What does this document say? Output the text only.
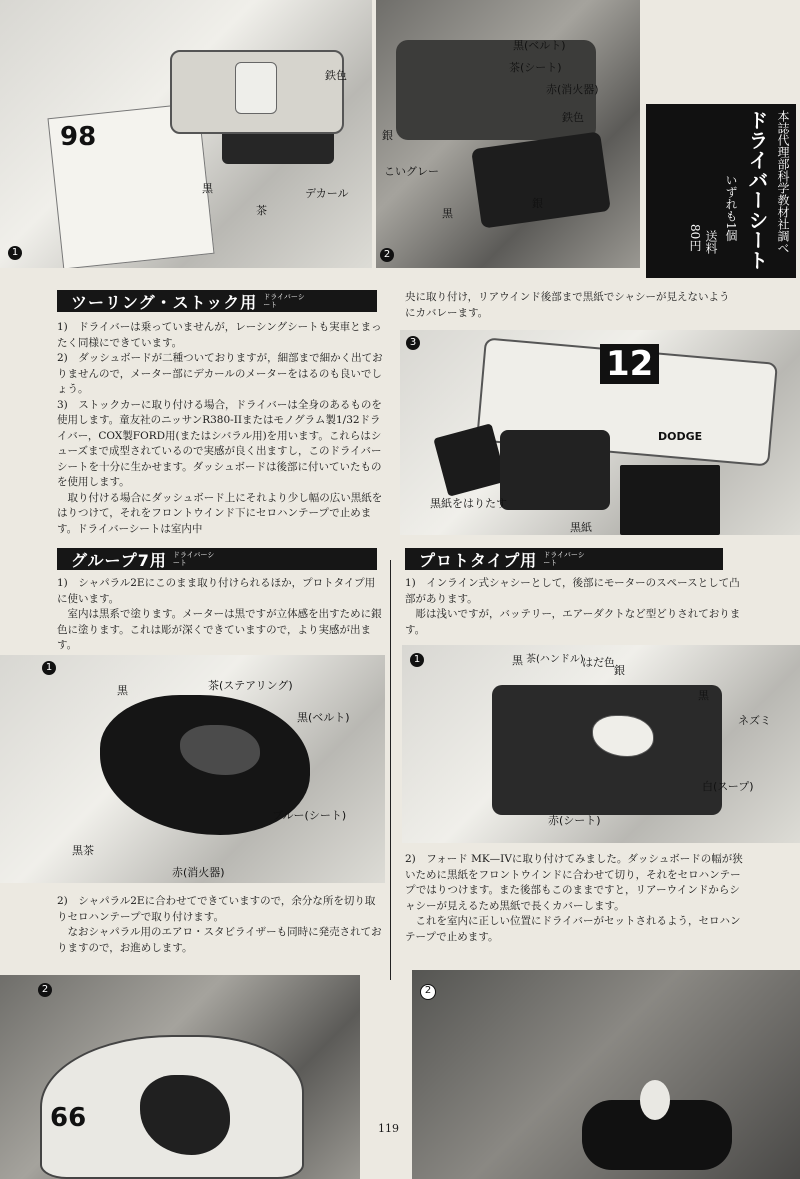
98
1
鉄色
黒
茶
デカール
2
黒(ベルト)
茶(シート)
赤(消火器)
鉄色
銀
こいグレー
黒
銀	本誌代理部科学教材社調べ
ドライバーシート
いずれも1個
送料
80円
ツーリング・ストック用 ドライバーシート

1)　ドライバーは乗っていませんが，レーシングシートも実車とまったく同様にできています。

2)　ダッシュボードが二種ついておりますが，細部まで細かく出ておりませんので，メーター部にデカールのメーターをはるのも良いでしょう。

3)　ストックカーに取り付ける場合，ドライバーは全身のあるものを使用します。童友社のニッサンR380-IIまたはモノグラム製1/32ドライバー，COX製FORD用(またはシバラル用)を用います。これらはシューズまで成型されているので実感が良く出ますし，このドライバーシートを十分に生かせます。ダッシュボードは後部に付いていたものを使用します。

取り付ける場合にダッシュボード上にそれより少し幅の広い黒紙をはりつけて，それをフロントウインド下にセロハンテープで止めます。ドライバーシートは室内中

央に取り付け，リアウインド後部まで黒紙でシャシーが見えないようにカバレーます。
12
DODGE
3
黒紙をはりたす
黒紙
グループ7用 ドライバーシート

1)　シャパラル2Eにこのまま取り付けられるほか，プロトタイプ用に使います。

室内は黒系で塗ります。メーターは黒ですが立体感を出すために銀色に塗ります。これは彫が深くできていますので，より実感が出ます。

1
黒	茶(ステアリング)
黒(ベルト)
ブルー(シート)
黒茶
赤(消火器)

2)　シャパラル2Eに合わせてできていますので，余分な所を切り取りセロハンテープで取り付けます。

なおシャパラル用のエアロ・スタビライザーも同時に発売されておりますので，お進めします。

66
2
プロトタイプ用 ドライバーシート

1)　インライン式シャシーとして，後部にモーターのスペースとして凸部があります。

彫は浅いですが，バッテリー，エアーダクトなど型どりされております。

1	黒 茶(ハンドル)
はだ色
銀
黒
ネズミ
白(スープ)
赤(シート)

2)　フォード MK—IVに取り付けてみました。ダッシュボードの幅が狭いために黒紙をフロントウインドに合わせて切り，それをセロハンテープではりつけます。また後部もこのままですと，リアーウインドからシャシーが見えるため黒紙で長くカバーします。

これを室内に正しい位置にドライバーがセットされるよう，セロハンテープで止めます。

2
119
